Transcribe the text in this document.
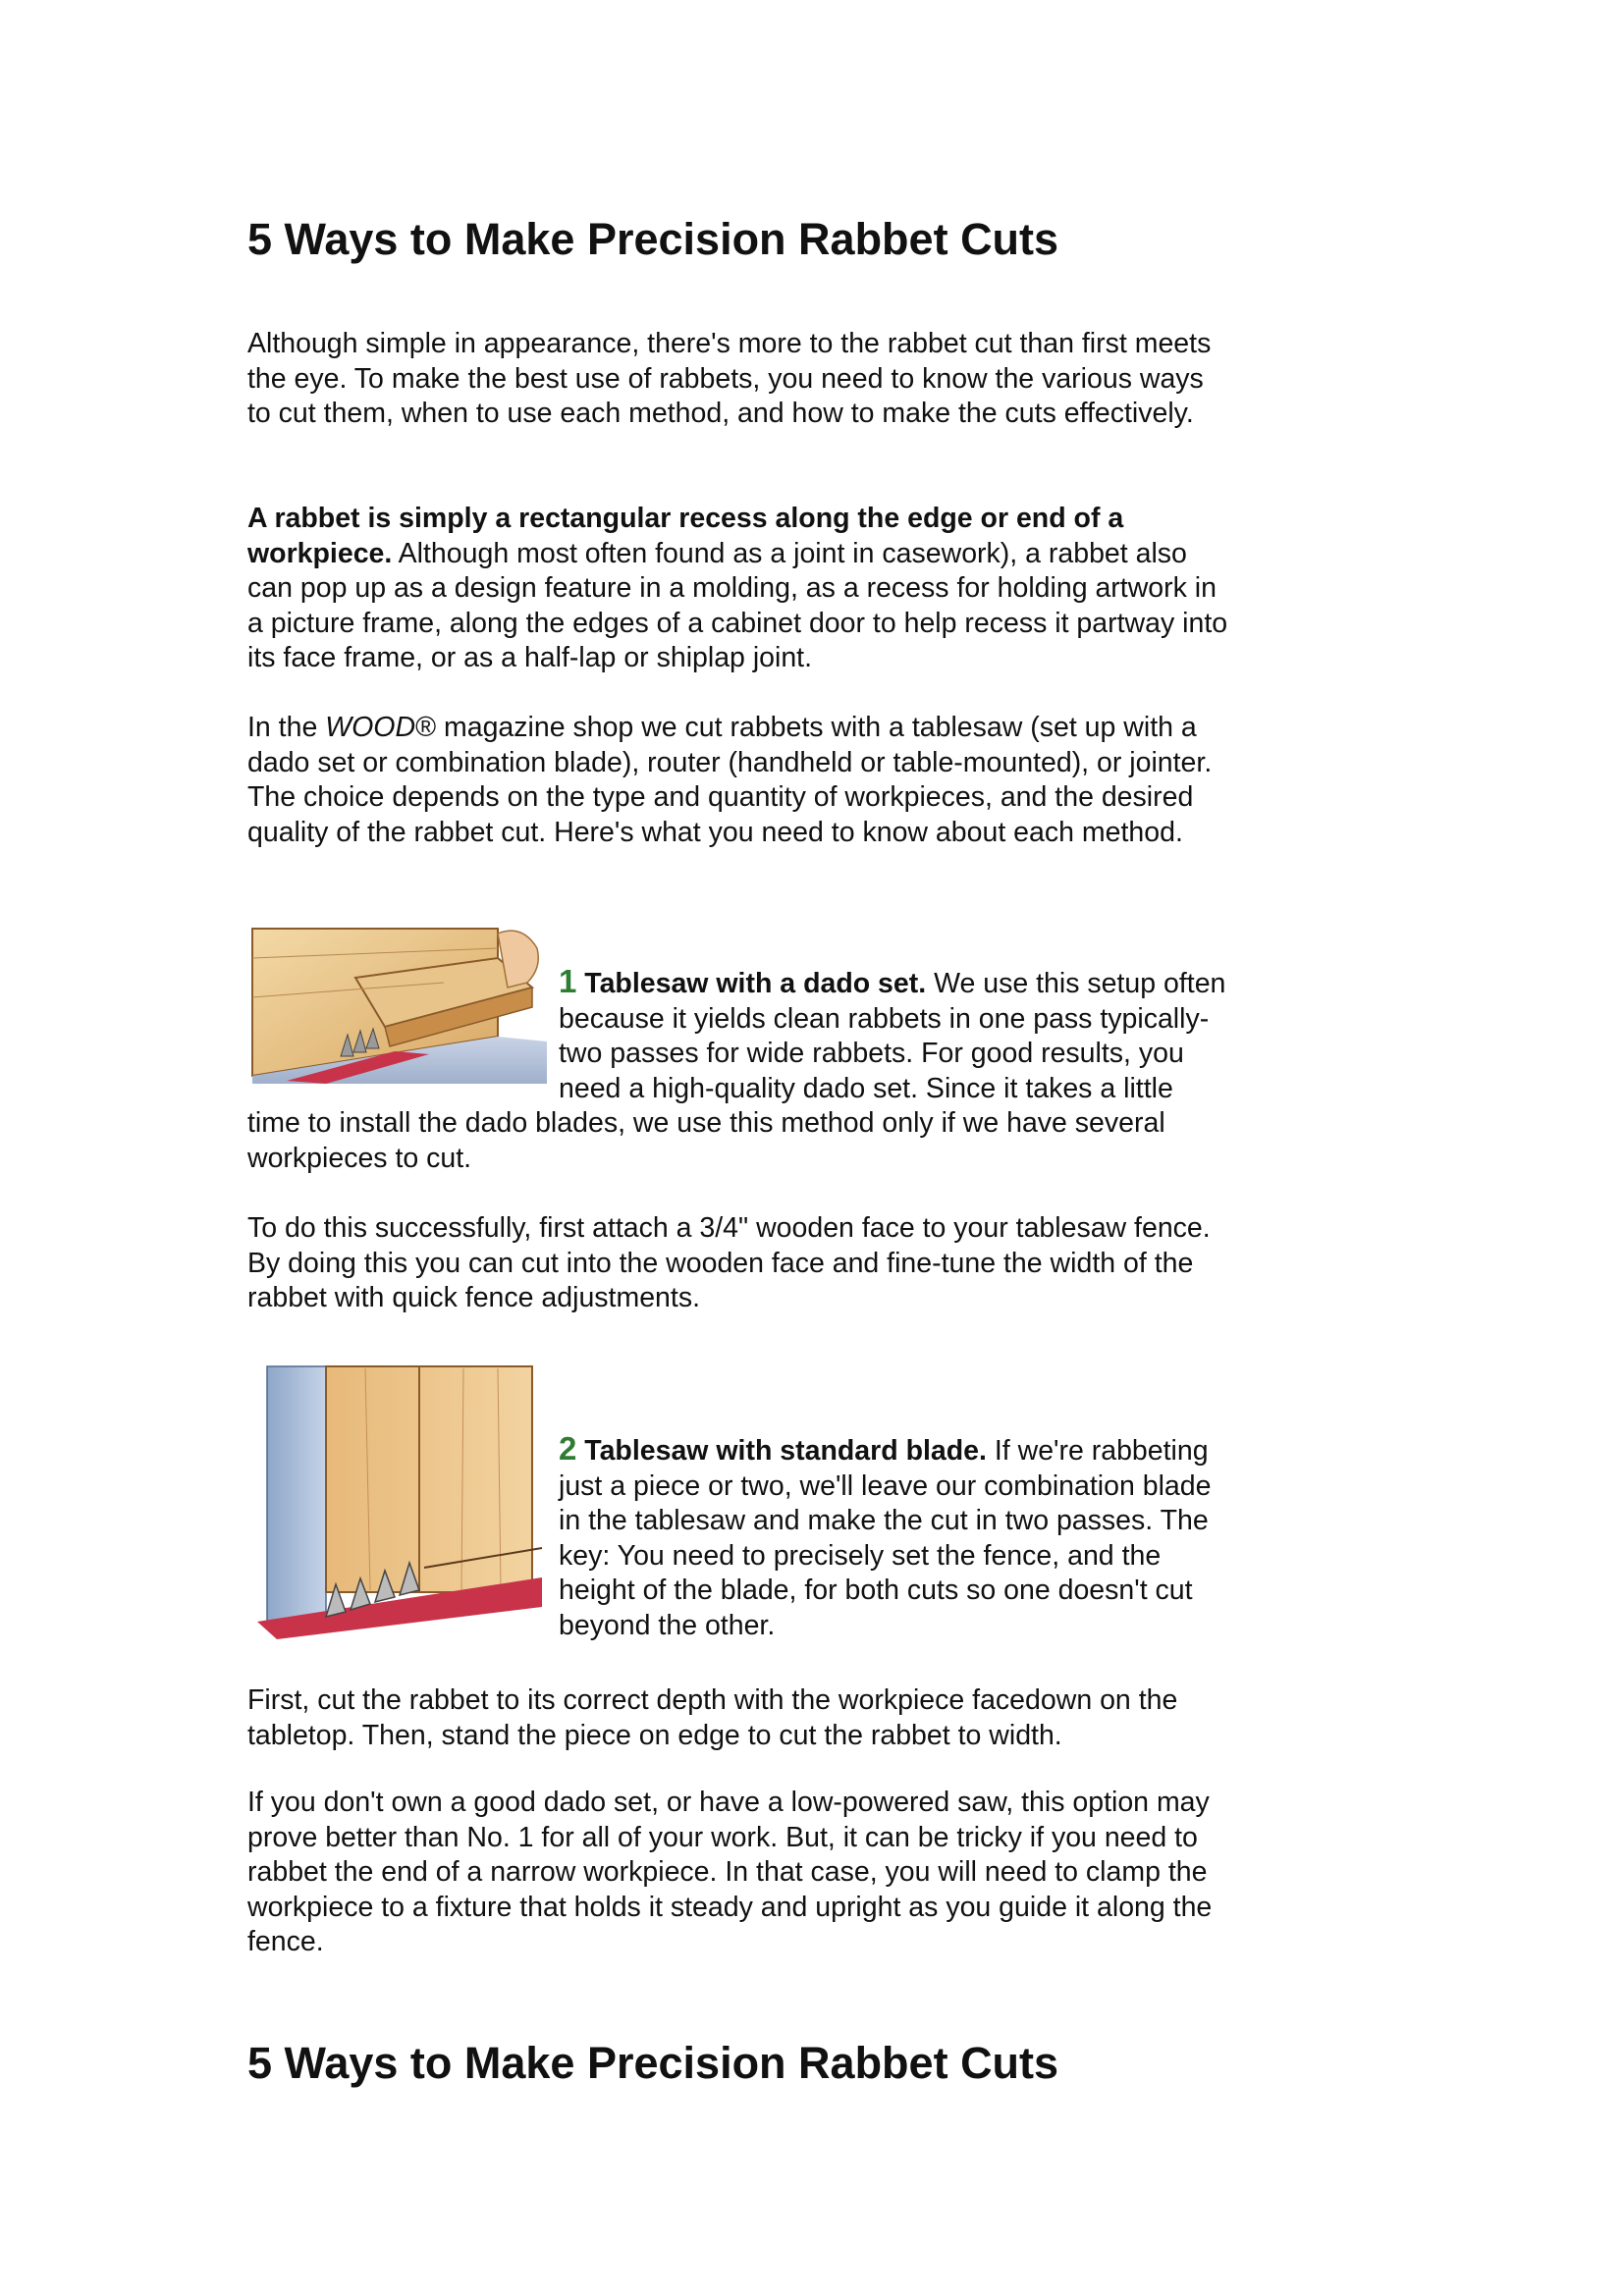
5 Ways to Make Precision Rabbet Cuts

Although simple in appearance, there's more to the rabbet cut than first meets the eye. To make the best use of rabbets, you need to know the various ways to cut them, when to use each method, and how to make the cuts effectively.

A rabbet is simply a rectangular recess along the edge or end of a workpiece. Although most often found as a joint in casework), a rabbet also can pop up as a design feature in a molding, as a recess for holding artwork in a picture frame, along the edges of a cabinet door to help recess it partway into its face frame, or as a half-lap or shiplap joint.

In the WOOD® magazine shop we cut rabbets with a tablesaw (set up with a dado set or combination blade), router (handheld or table-mounted), or jointer. The choice depends on the type and quantity of workpieces, and the desired quality of the rabbet cut. Here's what you need to know about each method.

1 Tablesaw with a dado set. We use this setup often because it yields clean rabbets in one pass typically-two passes for wide rabbets. For good results, you need a high-quality dado set. Since it takes a little time to install the dado blades, we use this method only if we have several workpieces to cut.

To do this successfully, first attach a 3/4" wooden face to your tablesaw fence. By doing this you can cut into the wooden face and fine-tune the width of the rabbet with quick fence adjustments.

2 Tablesaw with standard blade. If we're rabbeting just a piece or two, we'll leave our combination blade in the tablesaw and make the cut in two passes. The key: You need to precisely set the fence, and the height of the blade, for both cuts so one doesn't cut beyond the other.

First, cut the rabbet to its correct depth with the workpiece facedown on the tabletop. Then, stand the piece on edge to cut the rabbet to width.

If you don't own a good dado set, or have a low-powered saw, this option may prove better than No. 1 for all of your work. But, it can be tricky if you need to rabbet the end of a narrow workpiece. In that case, you will need to clamp the workpiece to a fixture that holds it steady and upright as you guide it along the fence.

5 Ways to Make Precision Rabbet Cuts
